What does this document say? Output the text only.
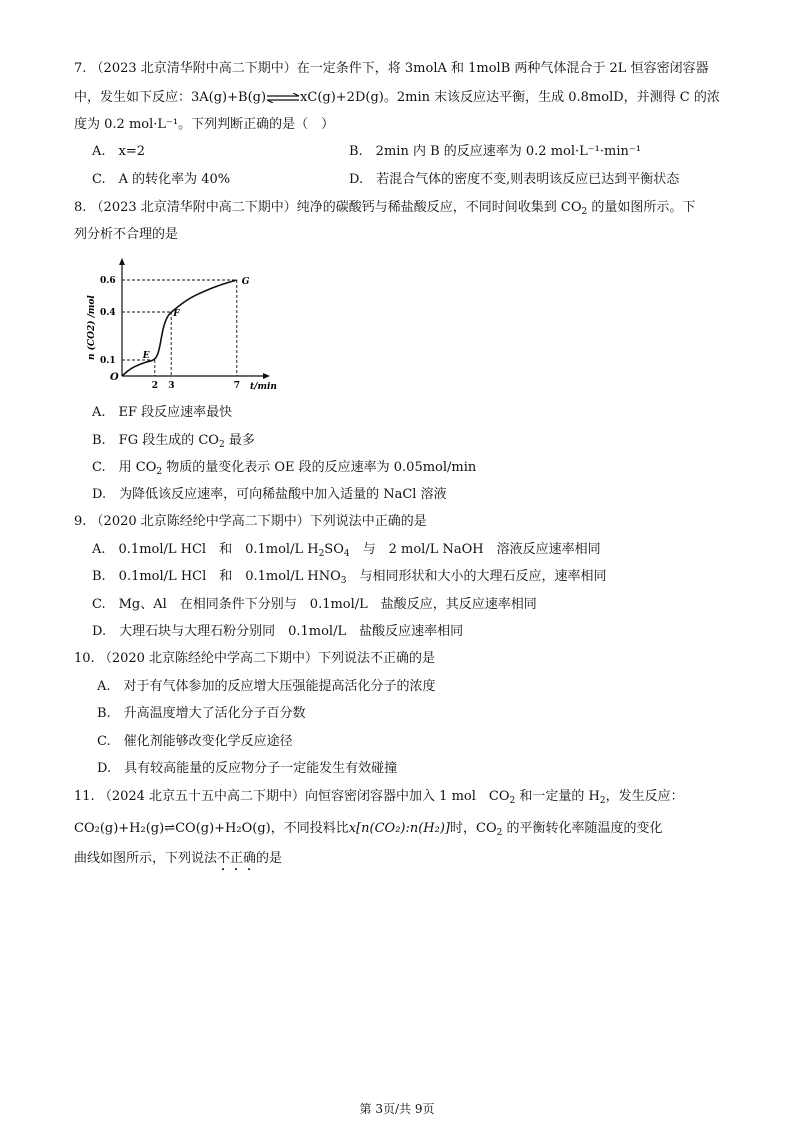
7. （2023 北京清华附中高二下期中）在一定条件下，将 3molA 和 1molB 两种气体混合于 2L 恒容密闭容器
中，发生如下反应：3A(g)+B(g)⇌xC(g)+2D(g)。2min 末该反应达平衡，生成 0.8molD，并测得 C 的浓
度为 0.2 mol·L⁻¹。下列判断正确的是（　）
A.　x=2	B.　2min 内 B 的反应速率为 0.2 mol·L⁻¹·min⁻¹
C.　A 的转化率为 40%	D.　若混合气体的密度不变,则表明该反应已达到平衡状态
8. （2023 北京清华附中高二下期中）纯净的碳酸钙与稀盐酸反应，不同时间收集到 $CO_2$ 的量如图所示。下
列分析不合理的是
t/min
n (CO2) /mol
O
E
F
G
2 3	7
0.1
0.4
0.6
A.　EF 段反应速率最快
B.　FG 段生成的 $CO_2$ 最多
C.　用 $CO_2$ 物质的量变化表示 OE 段的反应速率为 0.05mol/min
D.　为降低该反应速率，可向稀盐酸中加入适量的 NaCl 溶液
9. （2020 北京陈经纶中学高二下期中）下列说法中正确的是
A.　0.1mol/L HCl　和　0.1mol/L $H_2SO_4$　与　2 mol/L NaOH　溶液反应速率相同
B.　0.1mol/L HCl　和　0.1mol/L $HNO_3$　与相同形状和大小的大理石反应，速率相同
C.　Mg、Al　在相同条件下分别与　0.1mol/L　盐酸反应，其反应速率相同
D.　大理石块与大理石粉分别同　0.1mol/L　盐酸反应速率相同
10. （2020 北京陈经纶中学高二下期中）下列说法不正确的是
A.　对于有气体参加的反应增大压强能提高活化分子的浓度
B.　升高温度增大了活化分子百分数
C.　催化剂能够改变化学反应途径
D.　具有较高能量的反应物分子一定能发生有效碰撞
11. （2024 北京五十五中高二下期中）向恒容密闭容器中加入 1 mol　$CO_2$ 和一定量的 $H_2$，发生反应：
CO₂(g)+H₂(g)⇌CO(g)+H₂O(g)，不同投料比x[n(CO₂):n(H₂)]时，$CO_2$ 的平衡转化率随温度的变化
曲线如图所示，下列说法不正确的是
第 3页/共 9页
